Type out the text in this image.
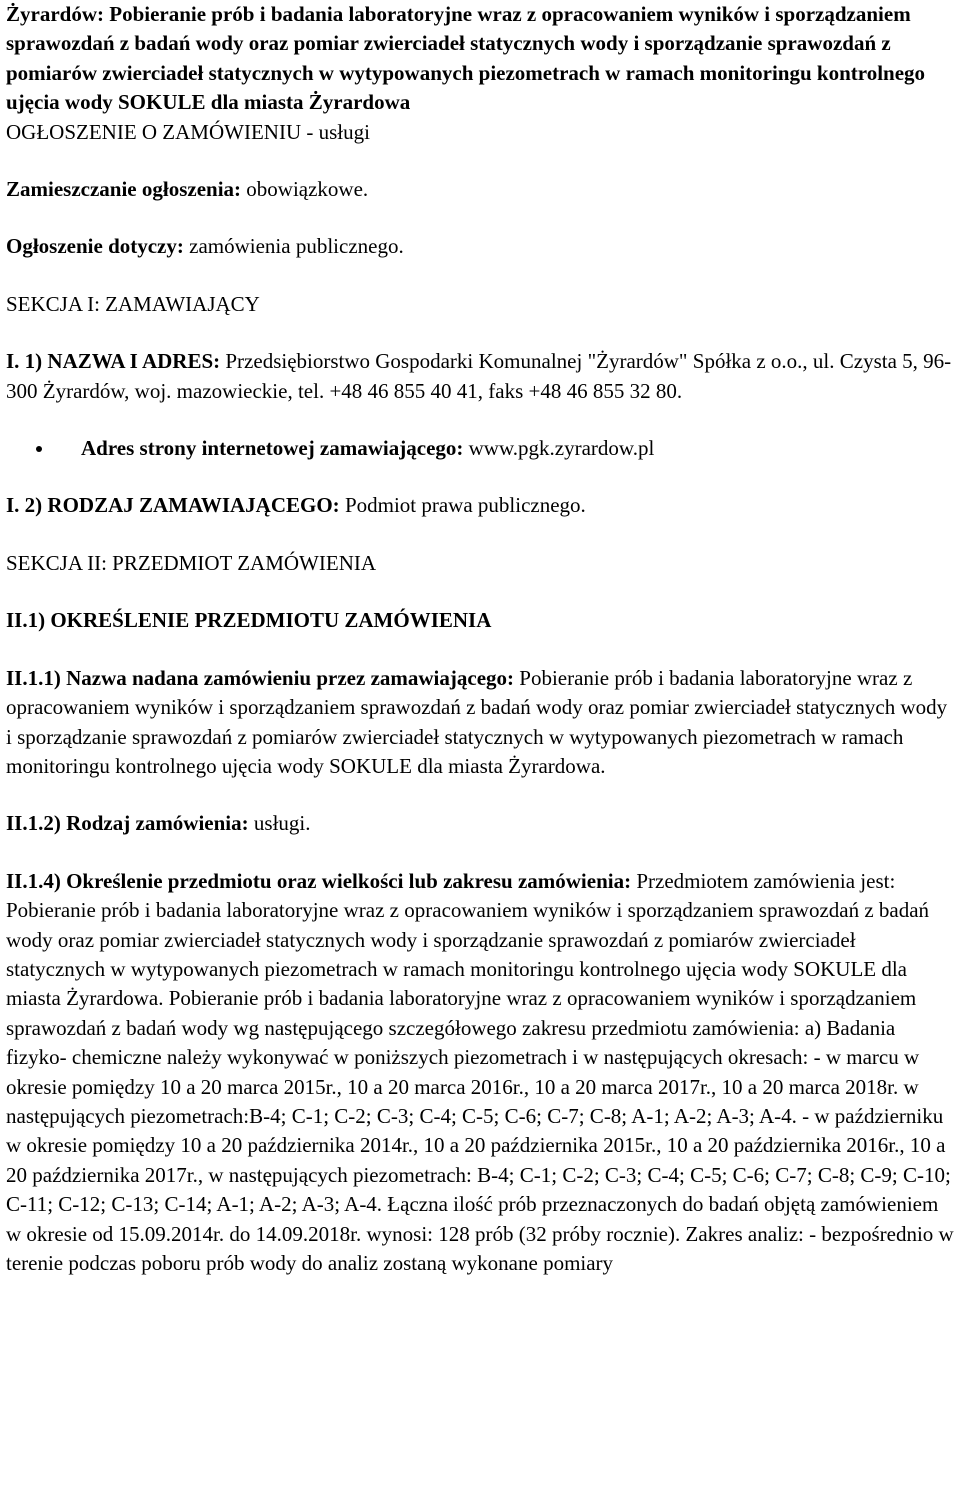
Żyrardów: Pobieranie prób i badania laboratoryjne wraz z opracowaniem wyników i sporządzaniem sprawozdań z badań wody oraz pomiar zwierciadeł statycznych wody i sporządzanie sprawozdań z pomiarów zwierciadeł statycznych w wytypowanych piezometrach w ramach monitoringu kontrolnego ujęcia wody SOKULE dla miasta Żyrardowa

OGŁOSZENIE O ZAMÓWIENIU - usługi

Zamieszczanie ogłoszenia: obowiązkowe.

Ogłoszenie dotyczy: zamówienia publicznego.

SEKCJA I: ZAMAWIAJĄCY

I. 1) NAZWA I ADRES: Przedsiębiorstwo Gospodarki Komunalnej "Żyrardów" Spółka z o.o., ul. Czysta 5, 96-300 Żyrardów, woj. mazowieckie, tel. +48 46 855 40 41, faks +48 46 855 32 80.

Adres strony internetowej zamawiającego: www.pgk.zyrardow.pl

I. 2) RODZAJ ZAMAWIAJĄCEGO: Podmiot prawa publicznego.

SEKCJA II: PRZEDMIOT ZAMÓWIENIA

II.1) OKREŚLENIE PRZEDMIOTU ZAMÓWIENIA

II.1.1) Nazwa nadana zamówieniu przez zamawiającego: Pobieranie prób i badania laboratoryjne wraz z opracowaniem wyników i sporządzaniem sprawozdań z badań wody oraz pomiar zwierciadeł statycznych wody i sporządzanie sprawozdań z pomiarów zwierciadeł statycznych w wytypowanych piezometrach w ramach monitoringu kontrolnego ujęcia wody SOKULE dla miasta Żyrardowa.

II.1.2) Rodzaj zamówienia: usługi.

II.1.4) Określenie przedmiotu oraz wielkości lub zakresu zamówienia: Przedmiotem zamówienia jest: Pobieranie prób i badania laboratoryjne wraz z opracowaniem wyników i sporządzaniem sprawozdań z badań wody oraz pomiar zwierciadeł statycznych wody i sporządzanie sprawozdań z pomiarów zwierciadeł statycznych w wytypowanych piezometrach w ramach monitoringu kontrolnego ujęcia wody SOKULE dla miasta Żyrardowa. Pobieranie prób i badania laboratoryjne wraz z opracowaniem wyników i sporządzaniem sprawozdań z badań wody wg następującego szczegółowego zakresu przedmiotu zamówienia: a) Badania fizyko- chemiczne należy wykonywać w poniższych piezometrach i w następujących okresach: - w marcu w okresie pomiędzy 10 a 20 marca 2015r., 10 a 20 marca 2016r., 10 a 20 marca 2017r., 10 a 20 marca 2018r. w następujących piezometrach:B-4; C-1; C-2; C-3; C-4; C-5; C-6; C-7; C-8; A-1; A-2; A-3; A-4. - w październiku w okresie pomiędzy 10 a 20 października 2014r., 10 a 20 października 2015r., 10 a 20 października 2016r., 10 a 20 października 2017r., w następujących piezometrach: B-4; C-1; C-2; C-3; C-4; C-5; C-6; C-7; C-8; C-9; C-10; C-11; C-12; C-13; C-14; A-1; A-2; A-3; A-4. Łączna ilość prób przeznaczonych do badań objętą zamówieniem w okresie od 15.09.2014r. do 14.09.2018r. wynosi: 128 prób (32 próby rocznie). Zakres analiz: - bezpośrednio w terenie podczas poboru prób wody do analiz zostaną wykonane pomiary
